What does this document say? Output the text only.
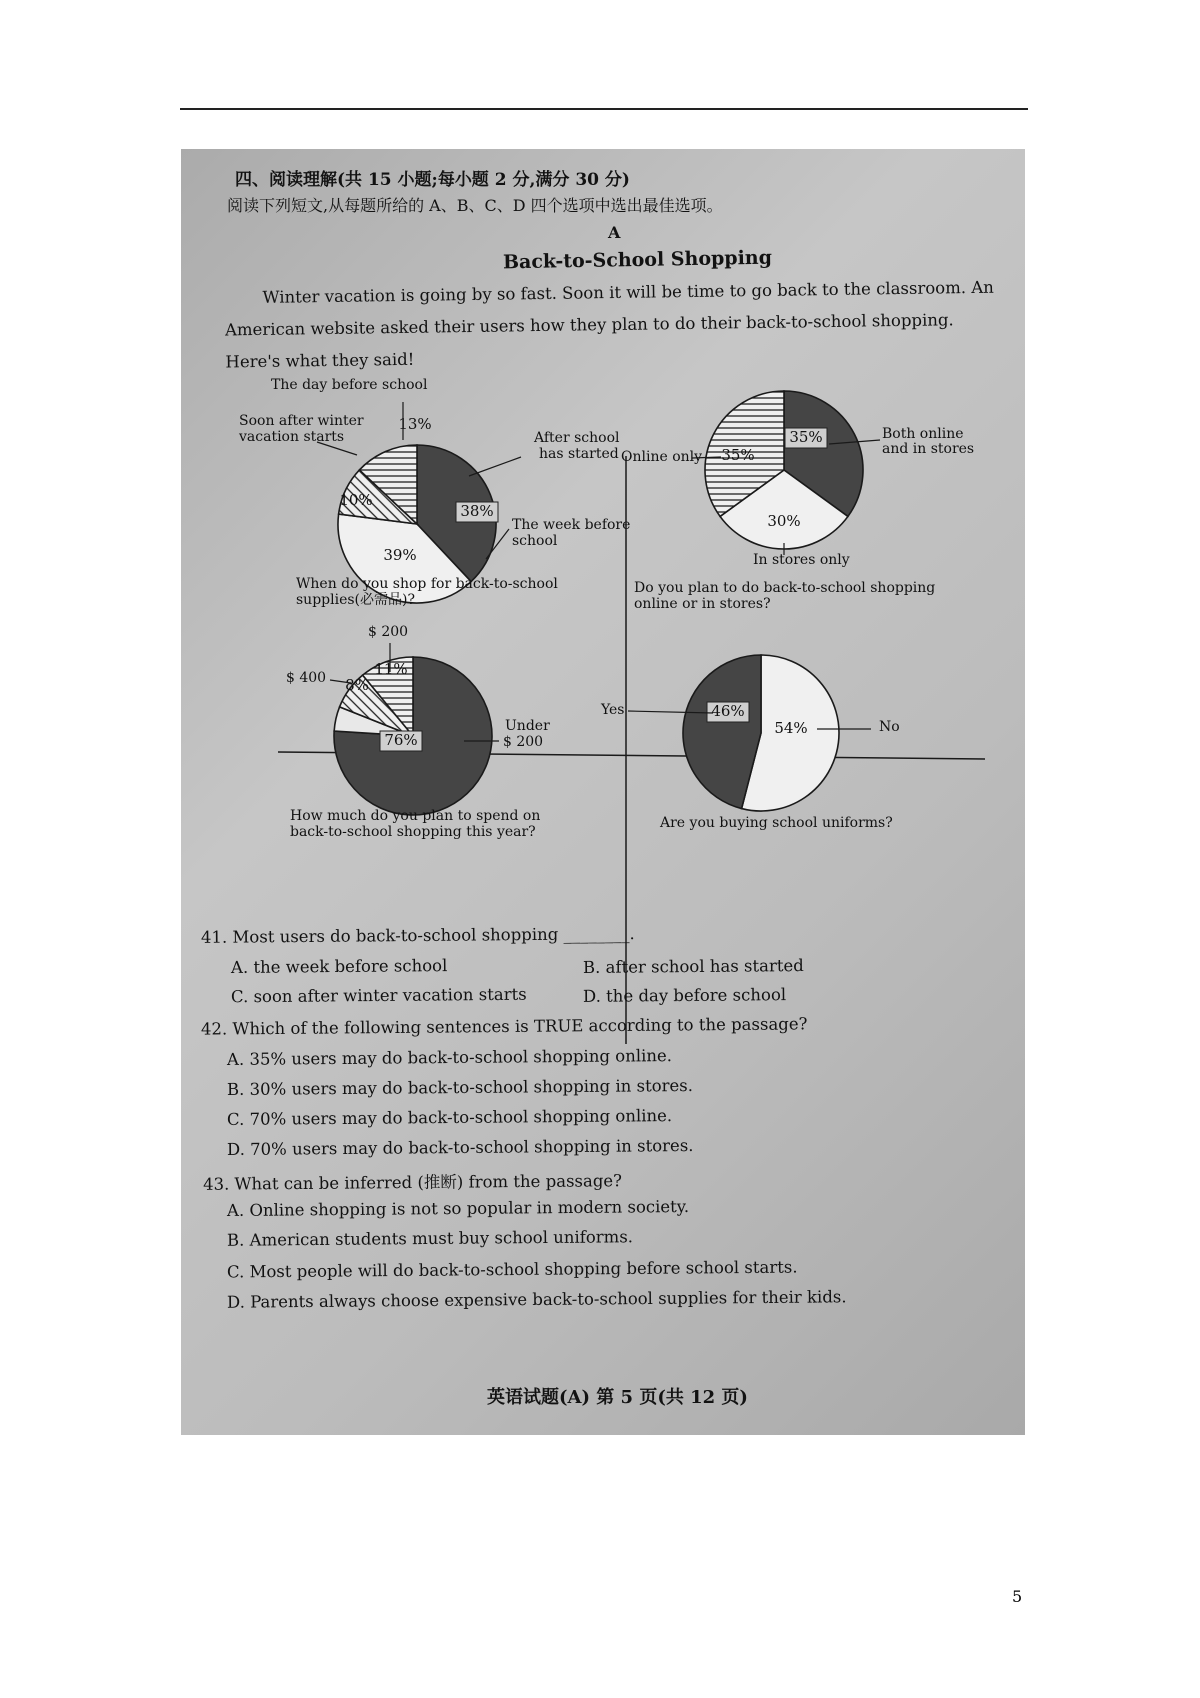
四、阅读理解(共 15 小题;每小题 2 分,满分 30 分)
阅读下列短文,从每题所给的 A、B、C、D 四个选项中选出最佳选项。
A
Back-to-School Shopping
Winter vacation is going by so fast. Soon it will be time to go back to the classroom. An American website asked their users how they plan to do their back-to-school shopping. Here's what they said!
38%
39%
10%
13%
The day before school
Soon after winter
vacation starts	After school
has started
The week before
school
When do you shop for back-to-school
supplies(必需品)?
35%
30%
35%
Both online
and in stores
In stores only
Online only
Do you plan to do back-to-school shopping
online or in stores?
76%
8%
11%
$ 200
$ 400
Under
$ 200
How much do you plan to spend on
back-to-school shopping this year?
46%
54%
Yes
No
Are you buying school uniforms?
41. Most users do back-to-school shopping ________.
A. the week before school	B. after school has started
C. soon after winter vacation starts	D. the day before school
42. Which of the following sentences is TRUE according to the passage?
A. 35% users may do back-to-school shopping online.
B. 30% users may do back-to-school shopping in stores.
C. 70% users may do back-to-school shopping online.
D. 70% users may do back-to-school shopping in stores.
43. What can be inferred (推断) from the passage?
A. Online shopping is not so popular in modern society.
B. American students must buy school uniforms.
C. Most people will do back-to-school shopping before school starts.
D. Parents always choose expensive back-to-school supplies for their kids.
英语试题(A) 第 5 页(共 12 页)
5
